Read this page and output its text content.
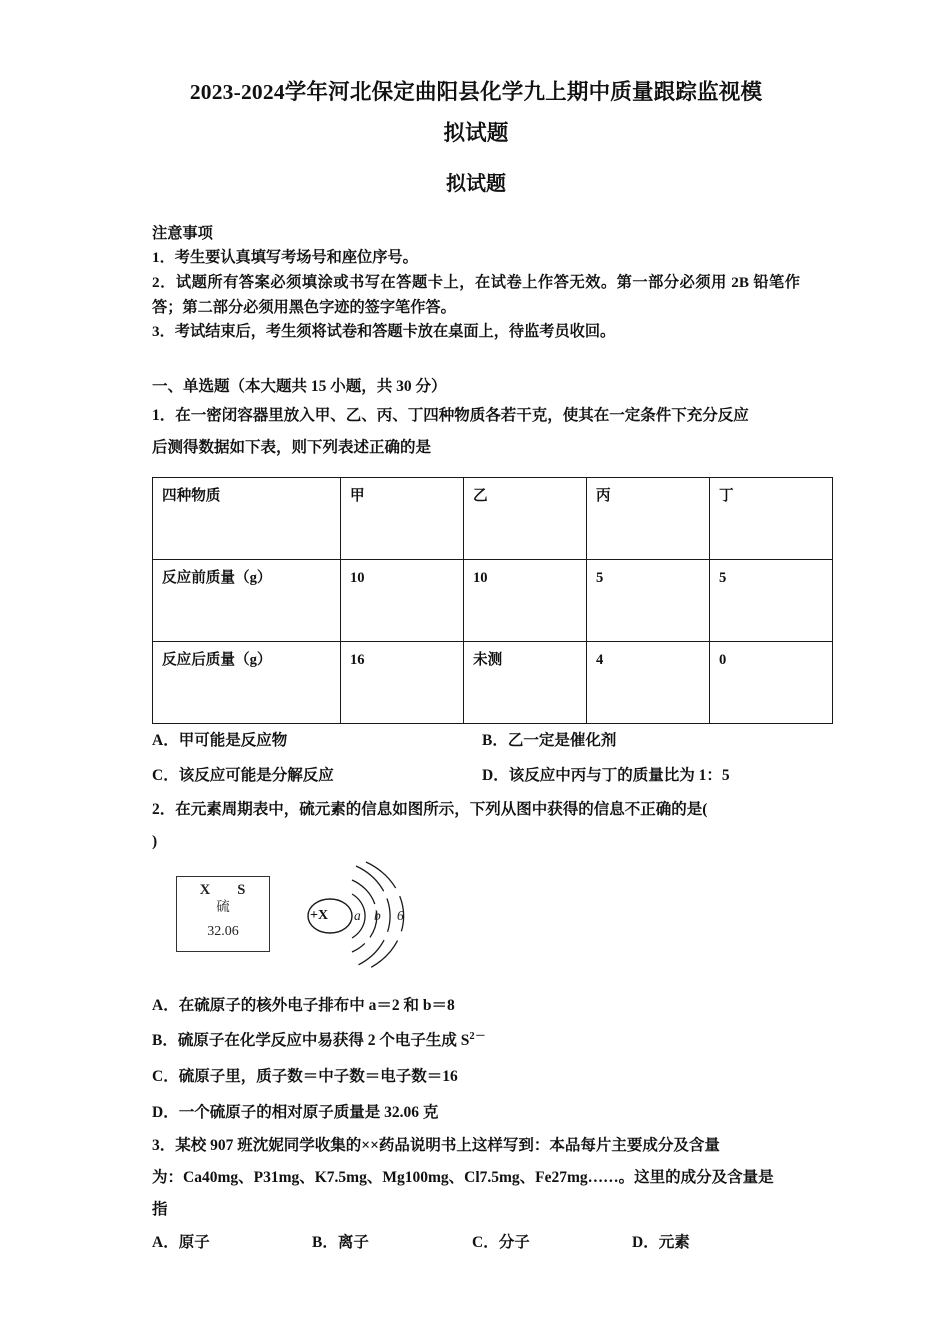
2023-2024学年河北保定曲阳县化学九上期中质量跟踪监视模
拟试题
拟试题
注意事项
1．考生要认真填写考场号和座位序号。
2．试题所有答案必须填涂或书写在答题卡上，在试卷上作答无效。第一部分必须用 2B 铅笔作答；第二部分必须用黑色字迹的签字笔作答。
3．考试结束后，考生须将试卷和答题卡放在桌面上，待监考员收回。
一、单选题（本大题共 15 小题，共 30 分）
1．在一密闭容器里放入甲、乙、丙、丁四种物质各若干克，使其在一定条件下充分反应
后测得数据如下表，则下列表述正确的是
四种物质	甲	乙	丙	丁
反应前质量（g）	10	10	5	5
反应后质量（g）	16	未测	4	0
A．甲可能是反应物	B．乙一定是催化剂
C．该反应可能是分解反应	D．该反应中丙与丁的质量比为 1：5
2．在元素周期表中，硫元素的信息如图所示，下列从图中获得的信息不正确的是(
)
X S
硫
32.06
+X a b 6
A．在硫原子的核外电子排布中 a＝2 和 b＝8
B．硫原子在化学反应中易获得 2 个电子生成 $S^{2-}$
C．硫原子里，质子数＝中子数＝电子数＝16
D．一个硫原子的相对原子质量是 32.06 克
3．某校 907 班沈妮同学收集的××药品说明书上这样写到：本品每片主要成分及含量
为：Ca40mg、P31mg、K7.5mg、Mg100mg、Cl7.5mg、Fe27mg……。这里的成分及含量是
指
A．原子	B．离子	C．分子	D．元素
